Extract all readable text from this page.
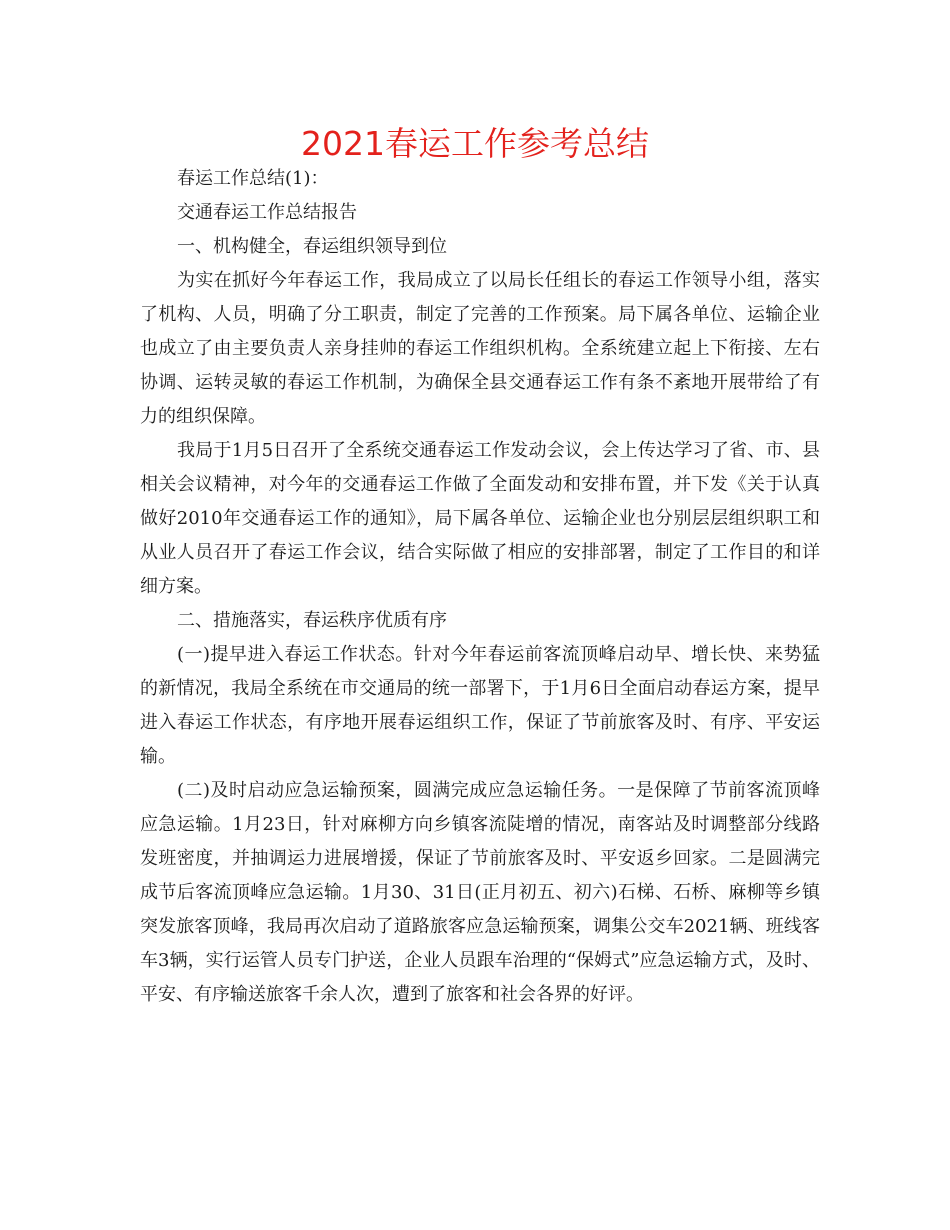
2021春运工作参考总结

春运工作总结(1)：

交通春运工作总结报告

一、机构健全，春运组织领导到位

为实在抓好今年春运工作，我局成立了以局长任组长的春运工作领导小组，落实了机构、人员，明确了分工职责，制定了完善的工作预案。局下属各单位、运输企业也成立了由主要负责人亲身挂帅的春运工作组织机构。全系统建立起上下衔接、左右协调、运转灵敏的春运工作机制，为确保全县交通春运工作有条不紊地开展带给了有力的组织保障。

我局于1月5日召开了全系统交通春运工作发动会议，会上传达学习了省、市、县相关会议精神，对今年的交通春运工作做了全面发动和安排布置，并下发《关于认真做好2010年交通春运工作的通知》，局下属各单位、运输企业也分别层层组织职工和从业人员召开了春运工作会议，结合实际做了相应的安排部署，制定了工作目的和详细方案。

二、措施落实，春运秩序优质有序

(一)提早进入春运工作状态。针对今年春运前客流顶峰启动早、增长快、来势猛的新情况，我局全系统在市交通局的统一部署下，于1月6日全面启动春运方案，提早进入春运工作状态，有序地开展春运组织工作，保证了节前旅客及时、有序、平安运输。

(二)及时启动应急运输预案，圆满完成应急运输任务。一是保障了节前客流顶峰应急运输。1月23日，针对麻柳方向乡镇客流陡增的情况，南客站及时调整部分线路发班密度，并抽调运力进展增援，保证了节前旅客及时、平安返乡回家。二是圆满完成节后客流顶峰应急运输。1月30、31日(正月初五、初六)石梯、石桥、麻柳等乡镇突发旅客顶峰，我局再次启动了道路旅客应急运输预案，调集公交车2021辆、班线客车3辆，实行运管人员专门护送，企业人员跟车治理的“保姆式”应急运输方式，及时、平安、有序输送旅客千余人次，遭到了旅客和社会各界的好评。
